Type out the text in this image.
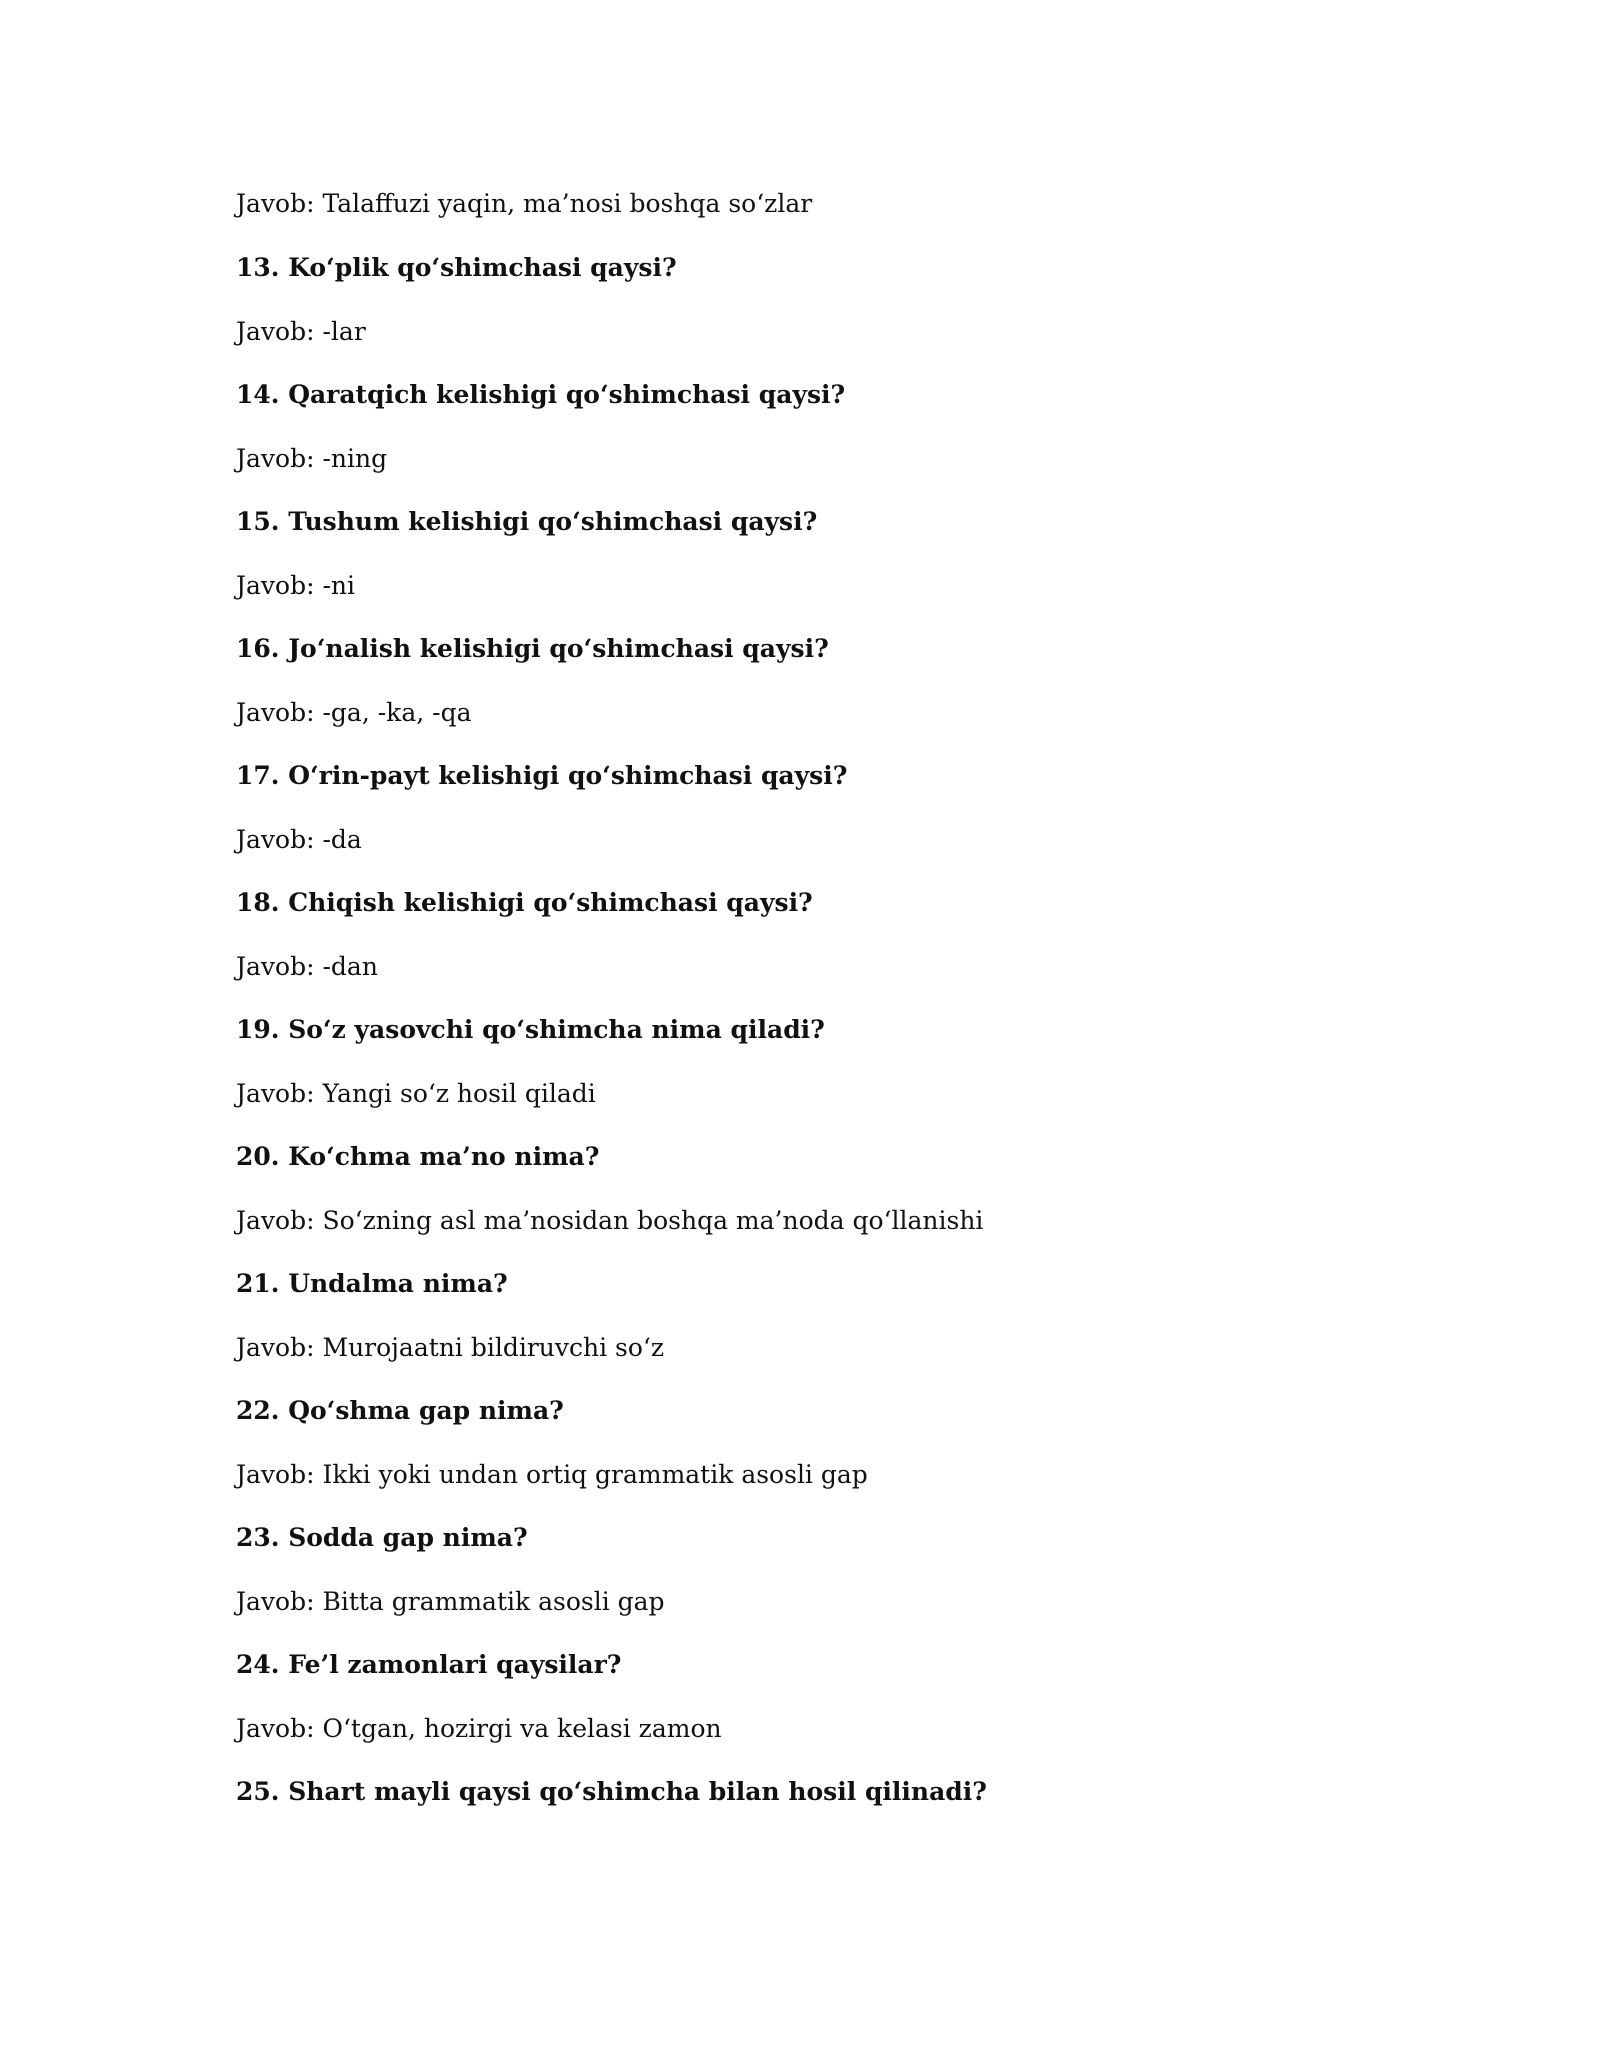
Javob: Talaffuzi yaqin, ma’nosi boshqa so‘zlar
13. Ko‘plik qo‘shimchasi qaysi?
Javob: -lar
14. Qaratqich kelishigi qo‘shimchasi qaysi?
Javob: -ning
15. Tushum kelishigi qo‘shimchasi qaysi?
Javob: -ni
16. Jo‘nalish kelishigi qo‘shimchasi qaysi?
Javob: -ga, -ka, -qa
17. O‘rin-payt kelishigi qo‘shimchasi qaysi?
Javob: -da
18. Chiqish kelishigi qo‘shimchasi qaysi?
Javob: -dan
19. So‘z yasovchi qo‘shimcha nima qiladi?
Javob: Yangi so‘z hosil qiladi
20. Ko‘chma ma’no nima?
Javob: So‘zning asl ma’nosidan boshqa ma’noda qo‘llanishi
21. Undalma nima?
Javob: Murojaatni bildiruvchi so‘z
22. Qo‘shma gap nima?
Javob: Ikki yoki undan ortiq grammatik asosli gap
23. Sodda gap nima?
Javob: Bitta grammatik asosli gap
24. Fe’l zamonlari qaysilar?
Javob: O‘tgan, hozirgi va kelasi zamon
25. Shart mayli qaysi qo‘shimcha bilan hosil qilinadi?
